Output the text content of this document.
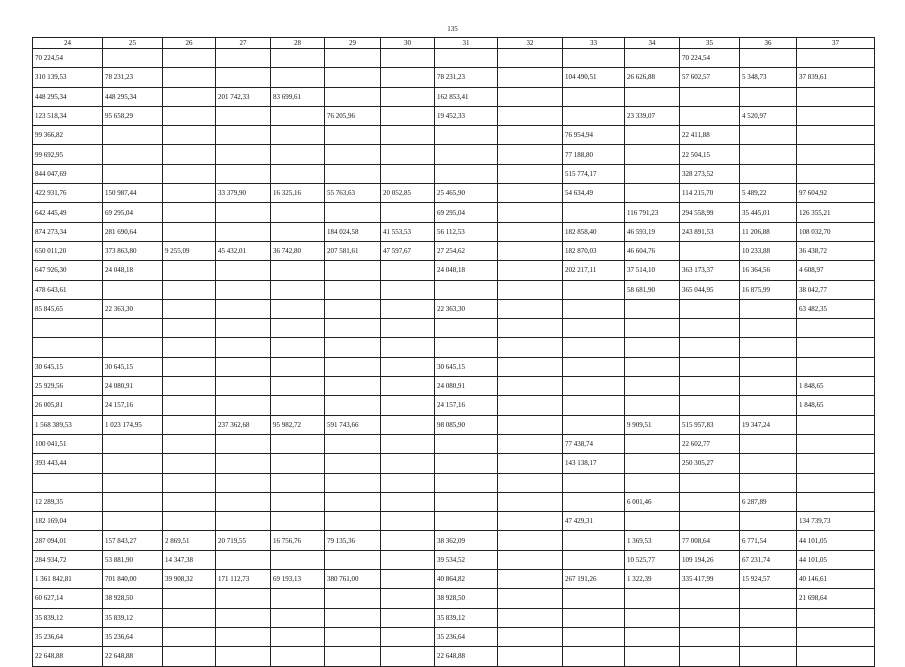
135
24	25	26	27	28	29	30	31	32	33	34	35	36	37
70 224,54											70 224,54		
310 139,53	78 231,23						78 231,23		104 490,51	26 626,88	57 602,57	5 348,73	37 839,61
448 295,34	448 295,34		201 742,33	83 699,61			162 853,41						
123 518,34	95 658,29				76 205,96		19 452,33			23 339,07		4 520,97	
99 366,82									76 954,94		22 411,88		
99 692,95									77 188,80		22 504,15		
844 047,69									515 774,17		328 273,52		
422 931,76	150 987,44		33 379,90	16 325,16	55 763,63	20 052,85	25 465,90		54 634,49		114 215,70	5 489,22	97 604,92
642 445,49	69 295,04						69 295,04			116 791,23	294 558,99	35 445,01	126 355,21
874 273,34	281 690,64				184 024,58	41 553,53	56 112,53		182 858,40	46 593,19	243 891,53	11 206,88	108 032,70
650 011,20	373 863,80	9 255,09	45 432,01	36 742,80	207 581,61	47 597,67	27 254,62		182 870,03	46 604,76		10 233,88	36 438,72
647 926,30	24 048,18						24 048,18		202 217,11	37 514,10	363 173,37	16 364,56	4 608,97
478 643,61										58 681,90	365 044,95	16 875,99	38 042,77
85 845,65	22 363,30						22 363,30						63 482,35

30 645,15	30 645,15						30 645,15						
25 929,56	24 080,91						24 080,91						1 848,65
26 005,81	24 157,16						24 157,16						1 848,65
1 568 389,53	1 023 174,95		237 362,68	95 982,72	591 743,66		98 085,90			9 909,51	515 957,83	19 347,24	
100 041,51									77 438,74		22 602,77		
393 443,44									143 138,17		250 305,27		

12 289,35										6 001,46		6 287,89	
182 169,04									47 429,31				134 739,73
287 094,01	157 843,27	2 869,51	20 719,55	16 756,76	79 135,36		38 362,09			1 369,53	77 008,64	6 771,54	44 101,05
284 934,72	53 881,90	14 347,38					39 534,52			10 525,77	109 194,26	67 231,74	44 101,05
1 361 842,81	701 840,00	39 908,32	171 112,73	69 193,13	380 761,00		40 864,82		267 191,26	1 322,39	335 417,99	15 924,57	40 146,61
60 627,14	38 928,50						38 928,50						21 698,64
35 839,12	35 839,12						35 839,12						
35 236,64	35 236,64						35 236,64						
22 648,88	22 648,88						22 648,88						
